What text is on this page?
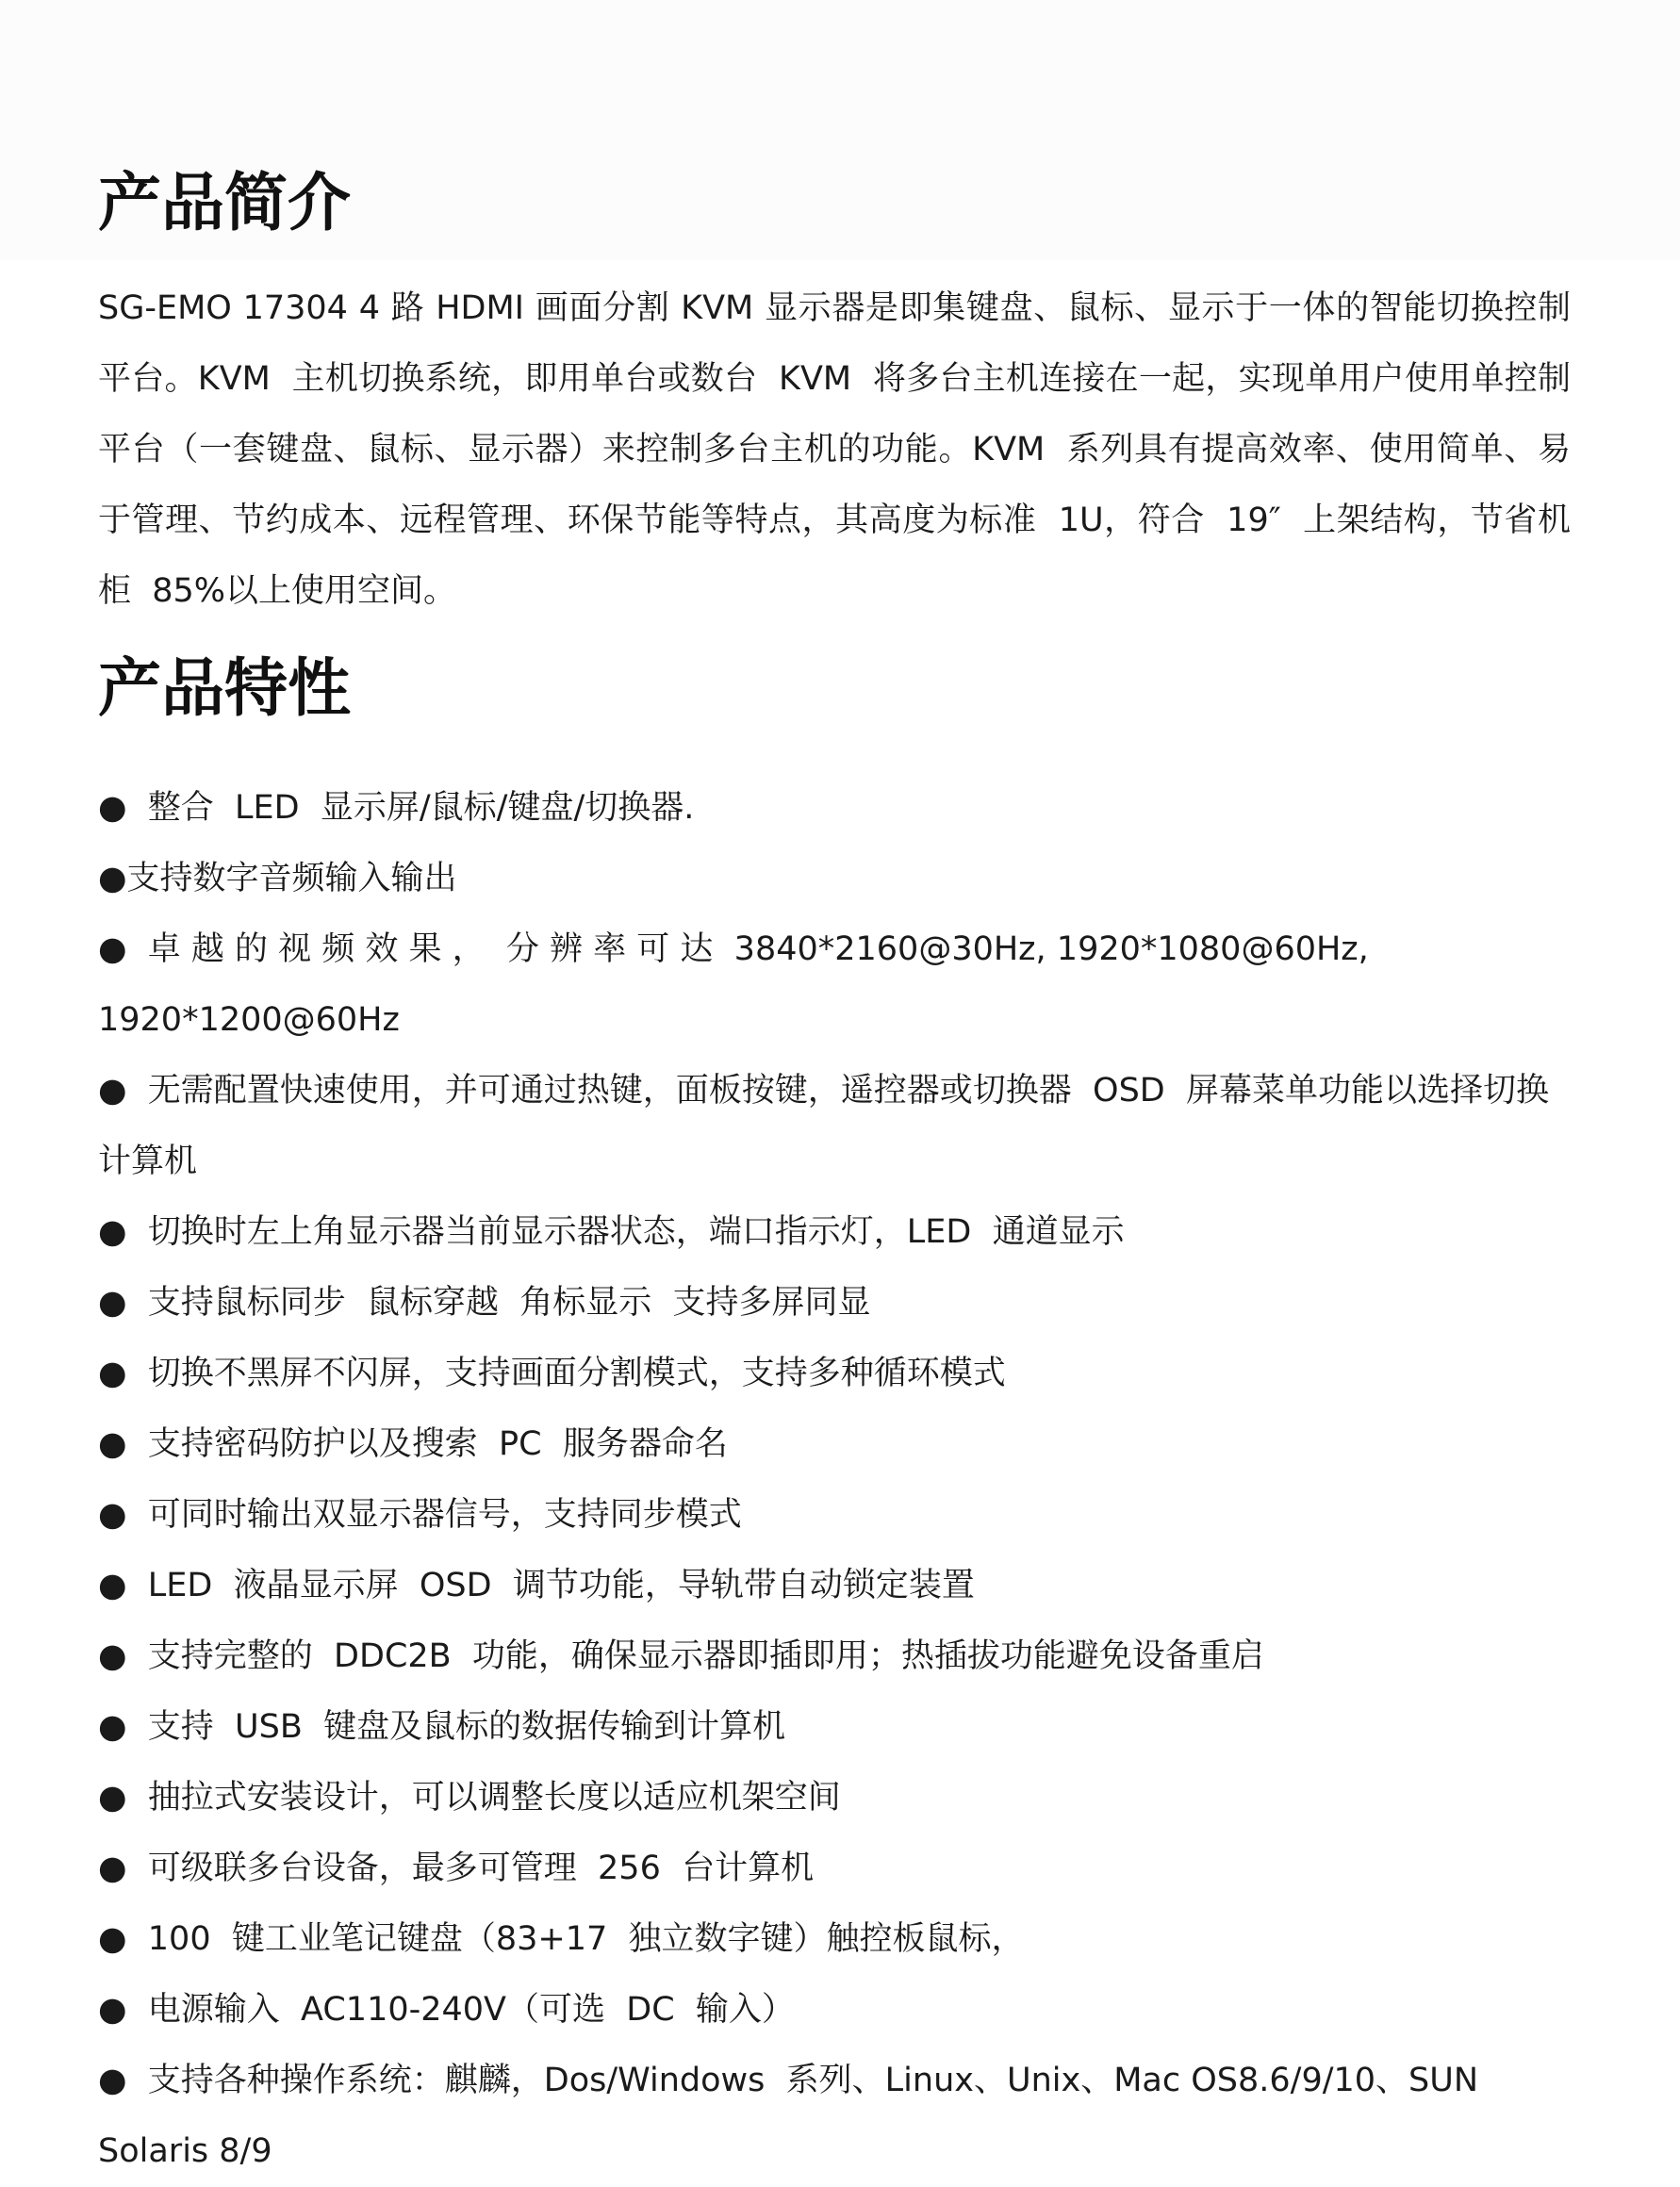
产品简介

SG-EMO 17304 4 路 HDMI 画面分割 KVM 显示器是即集键盘、鼠标、显示于一体的智能切换控制平台。KVM  主机切换系统，即用单台或数台  KVM  将多台主机连接在一起，实现单用户使用单控制平台（一套键盘、鼠标、显示器）来控制多台主机的功能。KVM  系列具有提高效率、使用简单、易于管理、节约成本、远程管理、环保节能等特点，其高度为标准  1U，符合  19″  上架结构，节省机柜  85%以上使用空间。

产品特性
●  整合  LED  显示屏/鼠标/键盘/切换器.
●支持数字音频输入输出
●  卓 越 的 视 频 效 果 ，  分 辨 率 可 达  3840*2160@30Hz, 1920*1080@60Hz,
1920*1200@60Hz
●  无需配置快速使用，并可通过热键，面板按键，遥控器或切换器  OSD  屏幕菜单功能以选择切换
计算机
●  切换时左上角显示器当前显示器状态，端口指示灯，LED  通道显示
●  支持鼠标同步  鼠标穿越  角标显示  支持多屏同显
●  切换不黑屏不闪屏，支持画面分割模式，支持多种循环模式
●  支持密码防护以及搜索  PC  服务器命名
●  可同时输出双显示器信号，支持同步模式
●  LED  液晶显示屏  OSD  调节功能，导轨带自动锁定装置
●  支持完整的  DDC2B  功能，确保显示器即插即用；热插拔功能避免设备重启
●  支持  USB  键盘及鼠标的数据传输到计算机
●  抽拉式安装设计，可以调整长度以适应机架空间
●  可级联多台设备，最多可管理  256  台计算机
●  100  键工业笔记键盘（83+17  独立数字键）触控板鼠标，
●  电源输入  AC110-240V（可选  DC  输入）
●  支持各种操作系统：麒麟，Dos/Windows  系列、Linux、Unix、Mac OS8.6/9/10、SUN
Solaris 8/9
